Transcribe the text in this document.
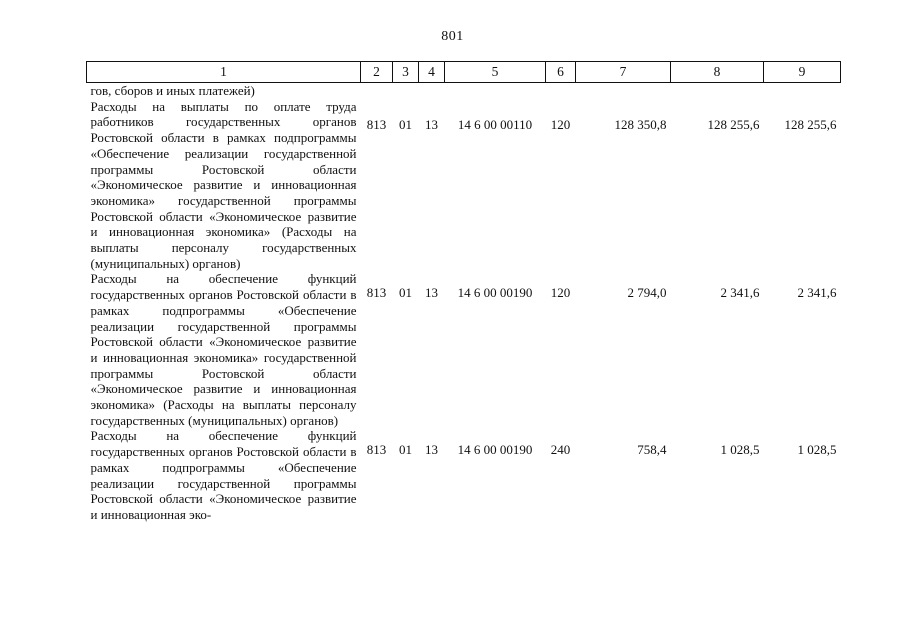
801
1	2	3	4	5	6	7	8	9
гов, сборов и иных платежей)								
Расходы на выплаты по оплате труда работников государственных органов Ростовской области в рамках подпрограммы «Обеспечение реализации государственной программы Ростовской области «Экономическое развитие и инновационная экономика» государственной программы Ростовской области «Экономическое развитие и инновационная экономика» (Расходы на выплаты персоналу государственных (муниципальных) органов)	813	01	13	14 6 00 00110	120	128 350,8	128 255,6	128 255,6
Расходы на обеспечение функций государственных органов Ростовской области в рамках подпрограммы «Обеспечение реализации государственной программы Ростовской области «Экономическое развитие и инновационная экономика» государственной программы Ростовской области «Экономическое развитие и инновационная экономика» (Расходы на выплаты персоналу государственных (муниципальных) органов)	813	01	13	14 6 00 00190	120	2 794,0	2 341,6	2 341,6
Расходы на обеспечение функций государственных органов Ростовской области в рамках подпрограммы «Обеспечение реализации государственной программы Ростовской области «Экономическое развитие и инновационная эко-	813	01	13	14 6 00 00190	240	758,4	1 028,5	1 028,5
